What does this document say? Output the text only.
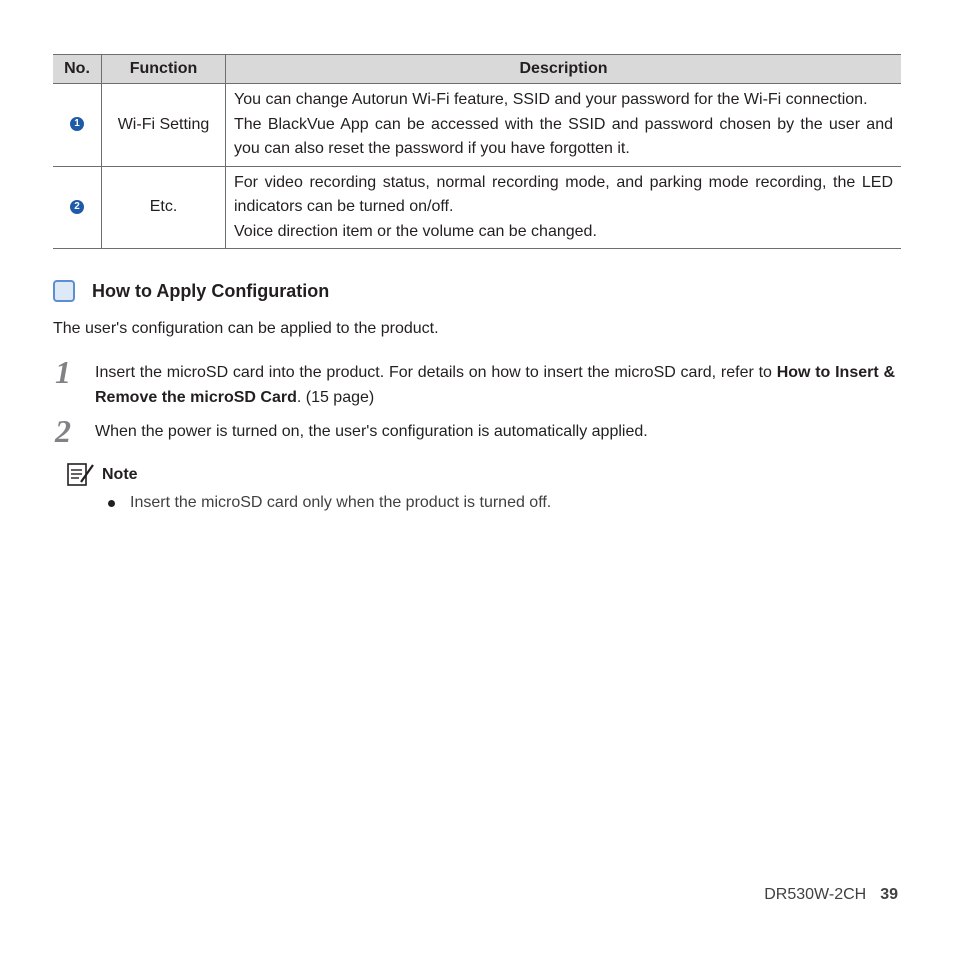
No.	Function	Description
1	Wi-Fi Setting	You can change Autorun Wi-Fi feature, SSID and your password for the Wi-Fi connection.
The BlackVue App can be accessed with the SSID and password chosen by the user and you can also reset the password if you have forgotten it.

2	Etc.	For video recording status, normal recording mode, and parking mode recording, the LED indicators can be turned on/off.
Voice direction item or the volume can be changed.
How to Apply Configuration
The user's configuration can be applied to the product.
1 Insert the microSD card into the product. For details on how to insert the microSD card, refer to How to Insert & Remove the microSD Card. (15 page)
2 When the power is turned on, the user's configuration is automatically applied.
Note
Insert the microSD card only when the product is turned off.
DR530W-2CH 39
